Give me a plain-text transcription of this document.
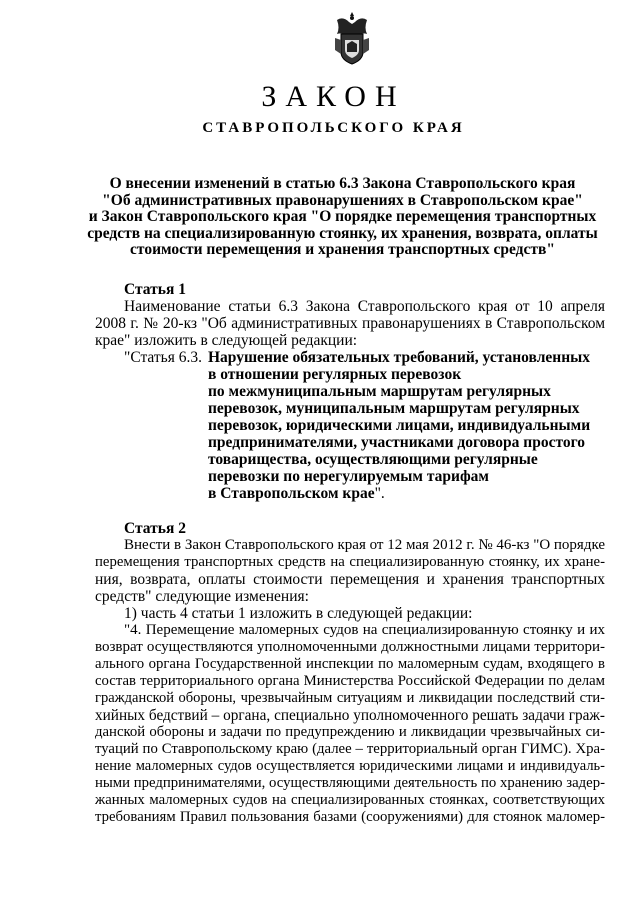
ЗАКОН
СТАВРОПОЛЬСКОГО КРАЯ
О внесении изменений в статью 6.3 Закона Ставропольского края
"Об административных правонарушениях в Ставропольском крае"
и Закон Ставропольского края "О порядке перемещения транспортных
средств на специализированную стоянку, их хранения, возврата, оплаты
стоимости перемещения и хранения транспортных средств"
Статья 1
Наименование статьи 6.3 Закона Ставропольского края от 10 апреля
2008 г. № 20-кз "Об административных правонарушениях в Ставропольском
крае" изложить в следующей редакции:
"Статья 6.3. Нарушение обязательных требований, установленных
в отношении регулярных перевозок
по межмуниципальным маршрутам регулярных
перевозок, муниципальным маршрутам регулярных
перевозок, юридическими лицами, индивидуальными
предпринимателями, участниками договора простого
товарищества, осуществляющими регулярные
перевозки по нерегулируемым тарифам
в Ставропольском крае".
Статья 2
Внести в Закон Ставропольского края от 12 мая 2012 г. № 46-кз "О порядке
перемещения транспортных средств на специализированную стоянку, их хране-
ния, возврата, оплаты стоимости перемещения и хранения транспортных
средств" следующие изменения:
1) часть 4 статьи 1 изложить в следующей редакции:
"4. Перемещение маломерных судов на специализированную стоянку и их
возврат осуществляются уполномоченными должностными лицами территори-
ального органа Государственной инспекции по маломерным судам, входящего в
состав территориального органа Министерства Российской Федерации по делам
гражданской обороны, чрезвычайным ситуациям и ликвидации последствий сти-
хийных бедствий – органа, специально уполномоченного решать задачи граж-
данской обороны и задачи по предупреждению и ликвидации чрезвычайных си-
туаций по Ставропольскому краю (далее – территориальный орган ГИМС). Хра-
нение маломерных судов осуществляется юридическими лицами и индивидуаль-
ными предпринимателями, осуществляющими деятельность по хранению задер-
жанных маломерных судов на специализированных стоянках, соответствующих
требованиям Правил пользования базами (сооружениями) для стоянок маломер-
